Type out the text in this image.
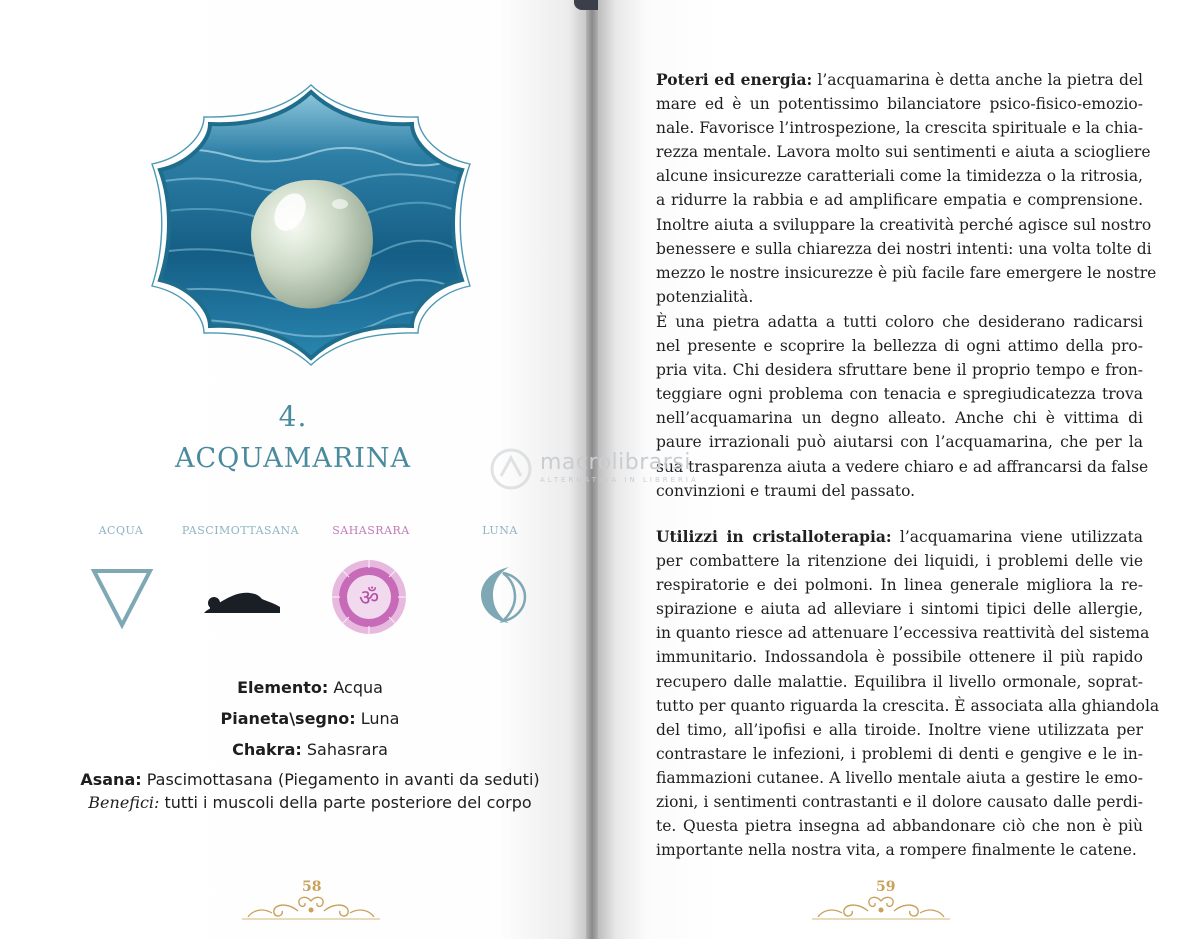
4.
ACQUAMARINA
ACQUA	PASCIMOTTASANA	SAHASRARA	LUNA
ॐ
Elemento: Acqua
Pianeta\segno: Luna
Chakra: Sahasrara
Asana: Pascimottasana (Piegamento in avanti da seduti)
Benefici: tutti i muscoli della parte posteriore del corpo
58
Poteri ed energia: l’acquamarina è detta anche la pietra del
mare ed è un potentissimo bilanciatore psico-fisico-emozio-
nale. Favorisce l’introspezione, la crescita spirituale e la chia-
rezza mentale. Lavora molto sui sentimenti e aiuta a sciogliere
alcune insicurezze caratteriali come la timidezza o la ritrosia,
a ridurre la rabbia e ad amplificare empatia e comprensione.
Inoltre aiuta a sviluppare la creatività perché agisce sul nostro
benessere e sulla chiarezza dei nostri intenti: una volta tolte di
mezzo le nostre insicurezze è più facile fare emergere le nostre
potenzialità.
È una pietra adatta a tutti coloro che desiderano radicarsi
nel presente e scoprire la bellezza di ogni attimo della pro-
pria vita. Chi desidera sfruttare bene il proprio tempo e fron-
teggiare ogni problema con tenacia e spregiudicatezza trova
nell’acquamarina un degno alleato. Anche chi è vittima di
paure irrazionali può aiutarsi con l’acquamarina, che per la
sua trasparenza aiuta a vedere chiaro e ad affrancarsi da false
convinzioni e traumi del passato.
Utilizzi in cristalloterapia: l’acquamarina viene utilizzata
per combattere la ritenzione dei liquidi, i problemi delle vie
respiratorie e dei polmoni. In linea generale migliora la re-
spirazione e aiuta ad alleviare i sintomi tipici delle allergie,
in quanto riesce ad attenuare l’eccessiva reattività del sistema
immunitario. Indossandola è possibile ottenere il più rapido
recupero dalle malattie. Equilibra il livello ormonale, soprat-
tutto per quanto riguarda la crescita. È associata alla ghiandola
del timo, all’ipofisi e alla tiroide. Inoltre viene utilizzata per
contrastare le infezioni, i problemi di denti e gengive e le in-
fiammazioni cutanee. A livello mentale aiuta a gestire le emo-
zioni, i sentimenti contrastanti e il dolore causato dalle perdi-
te. Questa pietra insegna ad abbandonare ciò che non è più
importante nella nostra vita, a rompere finalmente le catene.
59
macrolibrarsi
ALTERNATIVA IN LIBRERIA
